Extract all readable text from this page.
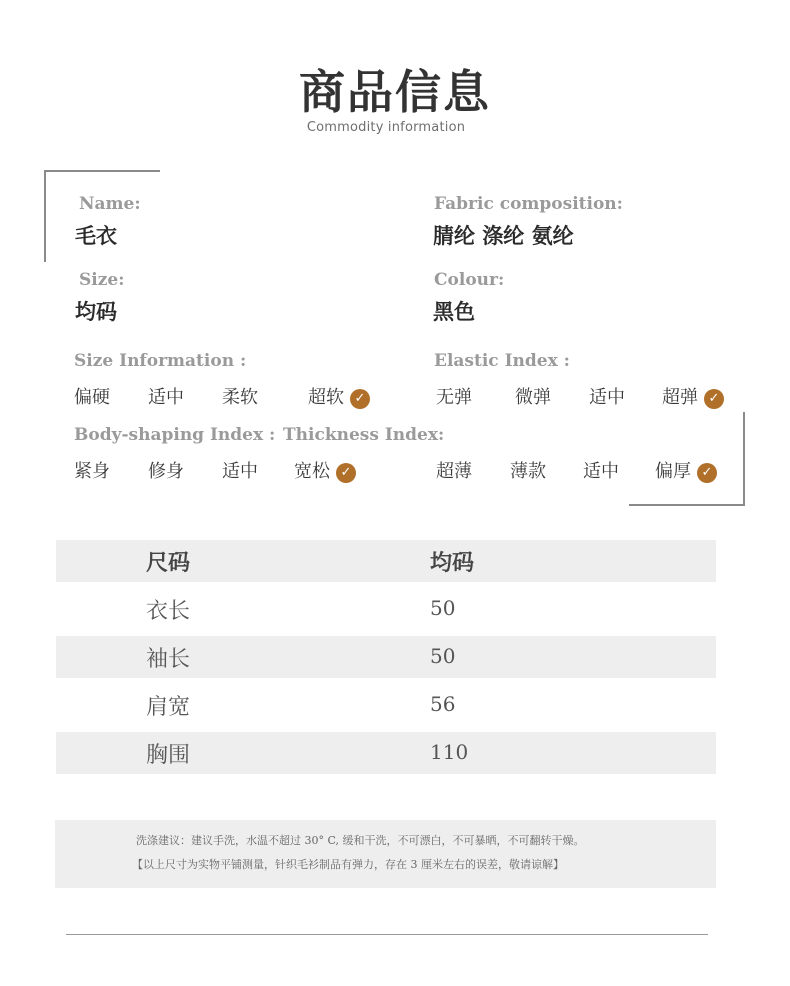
商品信息
Commodity information
Name:
毛衣
Fabric composition:
腈纶 涤纶 氨纶
Size:
均码
Colour:
黑色
Size Information :
偏硬 适中 柔软	超软 ✓
Elastic Index :
无弹 微弹 适中 超弹 ✓
Body-shaping Index :
紧身 修身 适中 宽松 ✓
Thickness Index:
超薄 薄款 适中 偏厚 ✓
尺码	均码
衣长	50
袖长	50
肩宽	56
胸围	110
洗涤建议：建议手洗，水温不超过 30° C, 缓和干洗，不可漂白，不可暴晒，不可翻转干燥。
【以上尺寸为实物平铺测量，针织毛衫制品有弹力，存在 3 厘米左右的误差，敬请谅解】
